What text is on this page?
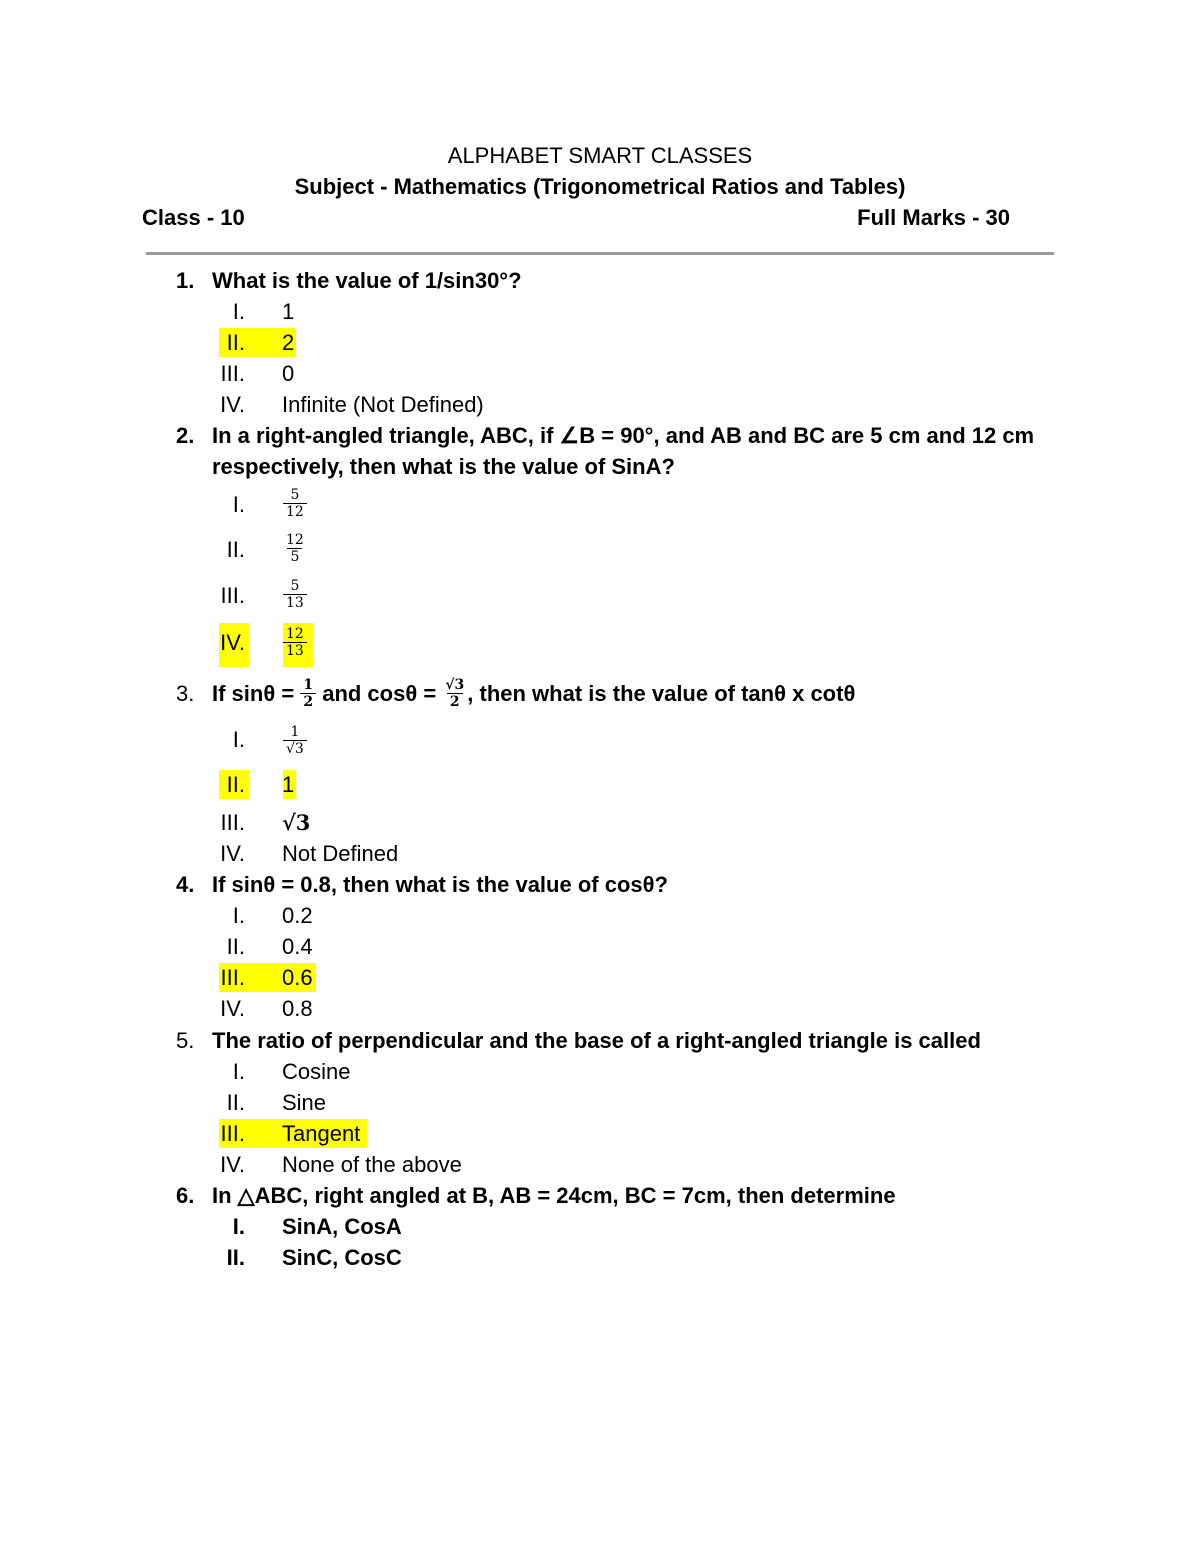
ALPHABET SMART CLASSES
Subject - Mathematics (Trigonometrical Ratios and Tables)
Class - 10	Full Marks - 30
1. What is the value of 1/sin30°?
I. 1
II. 2
III. 0
IV. Infinite (Not Defined)
2. In a right-angled triangle, ABC, if ∠B = 90°, and AB and BC are 5 cm and 12 cm respectively, then what is the value of SinA?
I.	$\frac{5}{12}$
II.	$\frac{12}{5}$
III.	$\frac{5}{13}$
IV.	$\frac{12}{13}$
3. If $\sin\theta = \frac{1}{2}$ and $\cos\theta = \frac{√3}{2}$ , then what is the value of tanθ x cotθ
I.	$\frac{1}{√3}$
II. 1
III. √3
IV. Not Defined
4. If sinθ = 0.8, then what is the value of cosθ?
I. 0.2
II. 0.4
III. 0.6
IV. 0.8
5. The ratio of perpendicular and the base of a right-angled triangle is called
I. Cosine
II. Sine
III. Tangent
IV. None of the above
6. In △ABC, right angled at B, AB = 24cm, BC = 7cm, then determine
I. SinA, CosA
II. SinC, CosC
